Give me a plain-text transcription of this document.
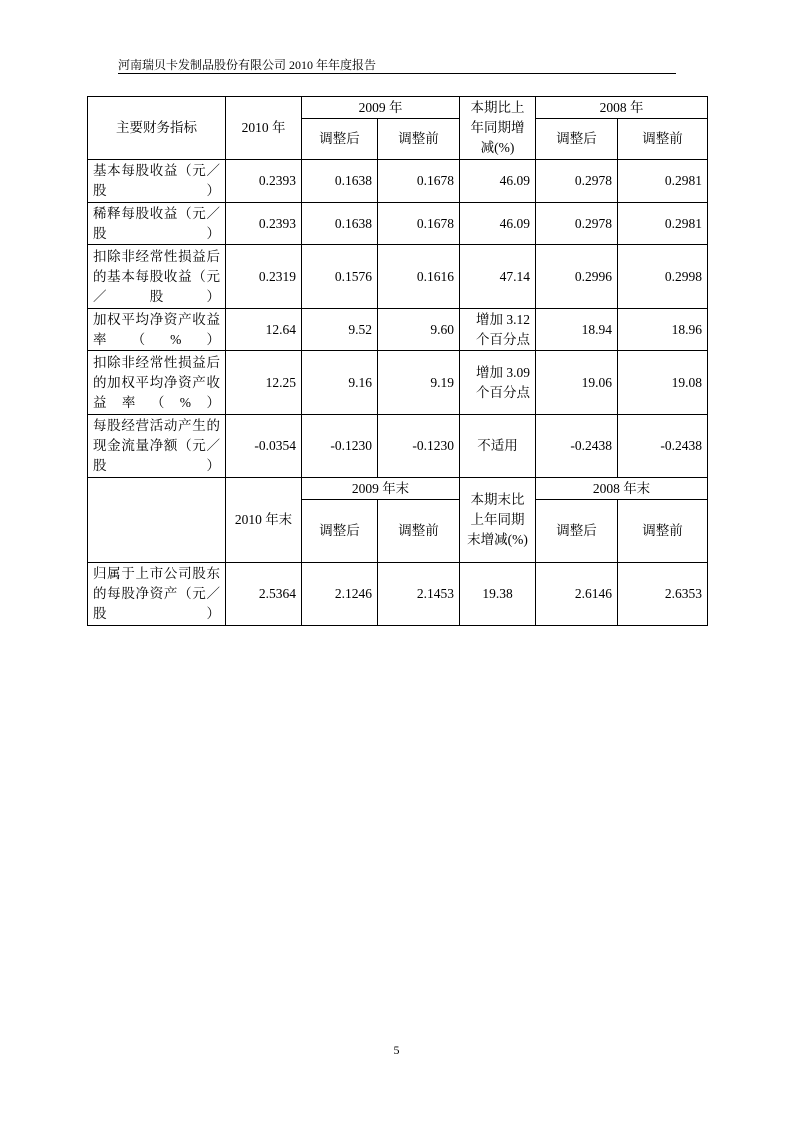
河南瑞贝卡发制品股份有限公司 2010 年年度报告
主要财务指标	2010 年	2009 年		本期比上年同期增减(%)	2008 年	
		调整后	调整前		调整后	调整前
基本每股收益（元／股）	0.2393	0.1638	0.1678	46.09	0.2978	0.2981
稀释每股收益（元／股）	0.2393	0.1638	0.1678	46.09	0.2978	0.2981
扣除非经常性损益后的基本每股收益（元／股）	0.2319	0.1576	0.1616	47.14	0.2996	0.2998
加权平均净资产收益率（%）	12.64	9.52	9.60	增加 3.12 个百分点	18.94	18.96
扣除非经常性损益后的加权平均净资产收益率（%）	12.25	9.16	9.19	增加 3.09 个百分点	19.06	19.08
每股经营活动产生的现金流量净额（元／股）	-0.0354	-0.1230	-0.1230	不适用	-0.2438	-0.2438
	2010 年末	2009 年末		本期末比上年同期末增减(%)	2008 年末	
		调整后	调整前		调整后	调整前
归属于上市公司股东的每股净资产（元／股）	2.5364	2.1246	2.1453	19.38	2.6146	2.6353
5
